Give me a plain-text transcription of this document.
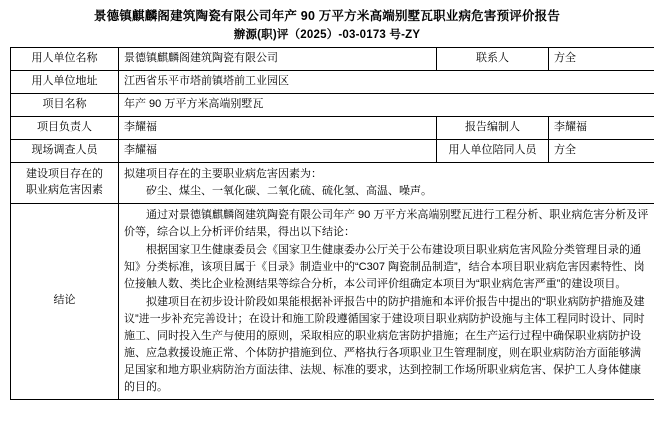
景德镇麒麟阁建筑陶瓷有限公司年产 90 万平方米高端别墅瓦职业病危害预评价报告
辦源(职)评（2025）-03-0173 号-ZY
用人单位名称	景德镇麒麟阁建筑陶瓷有限公司	联系人	方全
用人单位地址	江西省乐平市塔前镇塔前工业园区		
项目名称	年产 90 万平方米高端别墅瓦		
项目负责人	李耀福	报告编制人	李耀福
现场调查人员	李耀福	用人单位陪同人员	方全

建设项目存在的
职业病危害因素

拟建项目存在的主要职业病危害因素为：
矽尘、煤尘、一氧化碳、二氧化硫、硫化氢、高温、噪声。

结论	通过对景德镇麒麟阁建筑陶瓷有限公司年产 90 万平方米高端别墅瓦进行工程分析、职业病危害分析及评价等，综合以上分析评价结果，得出以下结论：
根据国家卫生健康委员会《国家卫生健康委办公厅关于公布建设项目职业病危害风险分类管理目录的通知》分类标准，该项目属于《目录》制造业中的“C307 陶瓷制品制造”，结合本项目职业病危害因素特性、岗位接触人数、类比企业检测结果等综合分析，本公司评价组确定本项目为“职业病危害严重”的建设项目。
拟建项目在初步设计阶段如果能根据补评报告中的防护措施和本评价报告中提出的“职业病防护措施及建议”进一步补充完善设计；在设计和施工阶段遵循国家于建设项目职业病防护设施与主体工程同时设计、同时施工、同时投入生产与使用的原则，采取相应的职业病危害防护措施；在生产运行过程中确保职业病防护设施、应急救援设施正常、个体防护措施到位、严格执行各项职业卫生管理制度，则在职业病防治方面能够满足国家和地方职业病防治方面法律、法规、标准的要求，达到控制工作场所职业病危害、保护工人身体健康的目的。		
